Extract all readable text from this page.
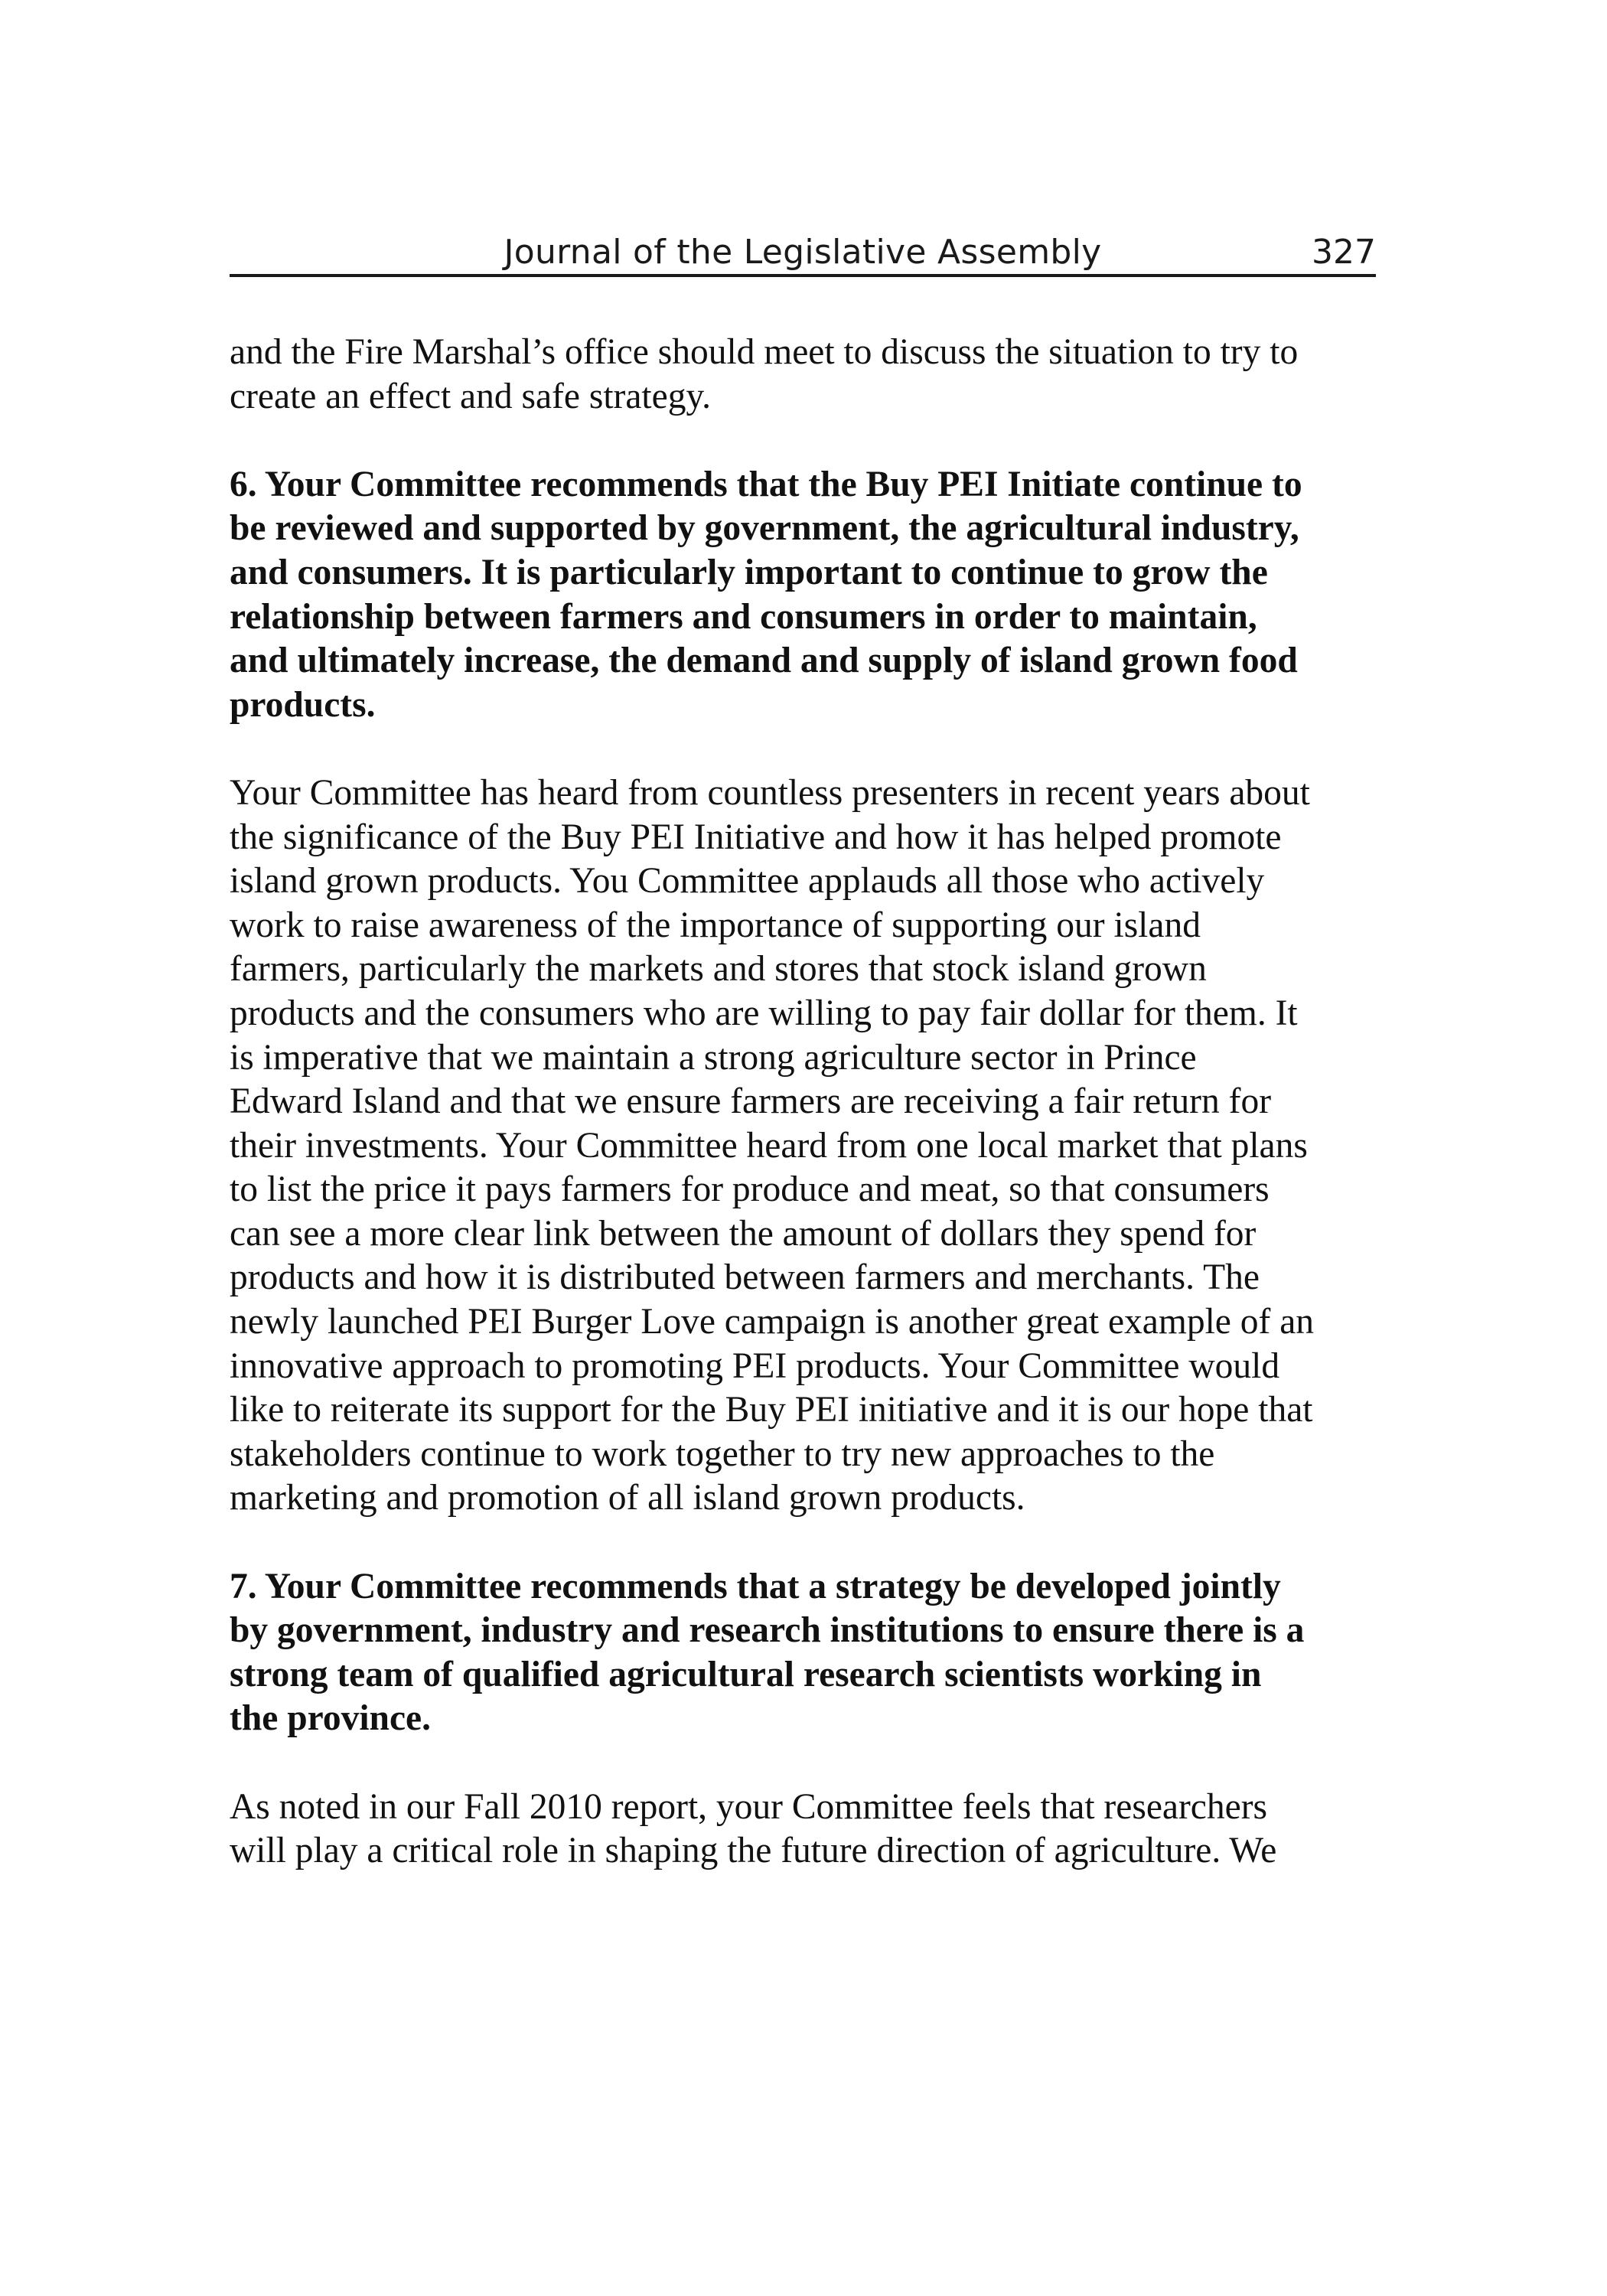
Journal of the Legislative Assembly	327

and the Fire Marshal’s office should meet to discuss the situation to try to
create an effect and safe strategy.

6. Your Committee recommends that the Buy PEI Initiate continue to
be reviewed and supported by government, the agricultural industry,
and consumers. It is particularly important to continue to grow the
relationship between farmers and consumers in order to maintain,
and ultimately increase, the demand and supply of island grown food
products.

Your Committee has heard from countless presenters in recent years about
the significance of the Buy PEI Initiative and how it has helped promote
island grown products. You Committee applauds all those who actively
work to raise awareness of the importance of supporting our island
farmers, particularly the markets and stores that stock island grown
products and the consumers who are willing to pay fair dollar for them. It
is imperative that we maintain a strong agriculture sector in Prince
Edward Island and that we ensure farmers are receiving a fair return for
their investments. Your Committee heard from one local market that plans
to list the price it pays farmers for produce and meat, so that consumers
can see a more clear link between the amount of dollars they spend for
products and how it is distributed between farmers and merchants. The
newly launched PEI Burger Love campaign is another great example of an
innovative approach to promoting PEI products. Your Committee would
like to reiterate its support for the Buy PEI initiative and it is our hope that
stakeholders continue to work together to try new approaches to the
marketing and promotion of all island grown products.

7. Your Committee recommends that a strategy be developed jointly
by government, industry and research institutions to ensure there is a
strong team of qualified agricultural research scientists working in
the province.

As noted in our Fall 2010 report, your Committee feels that researchers
will play a critical role in shaping the future direction of agriculture. We
